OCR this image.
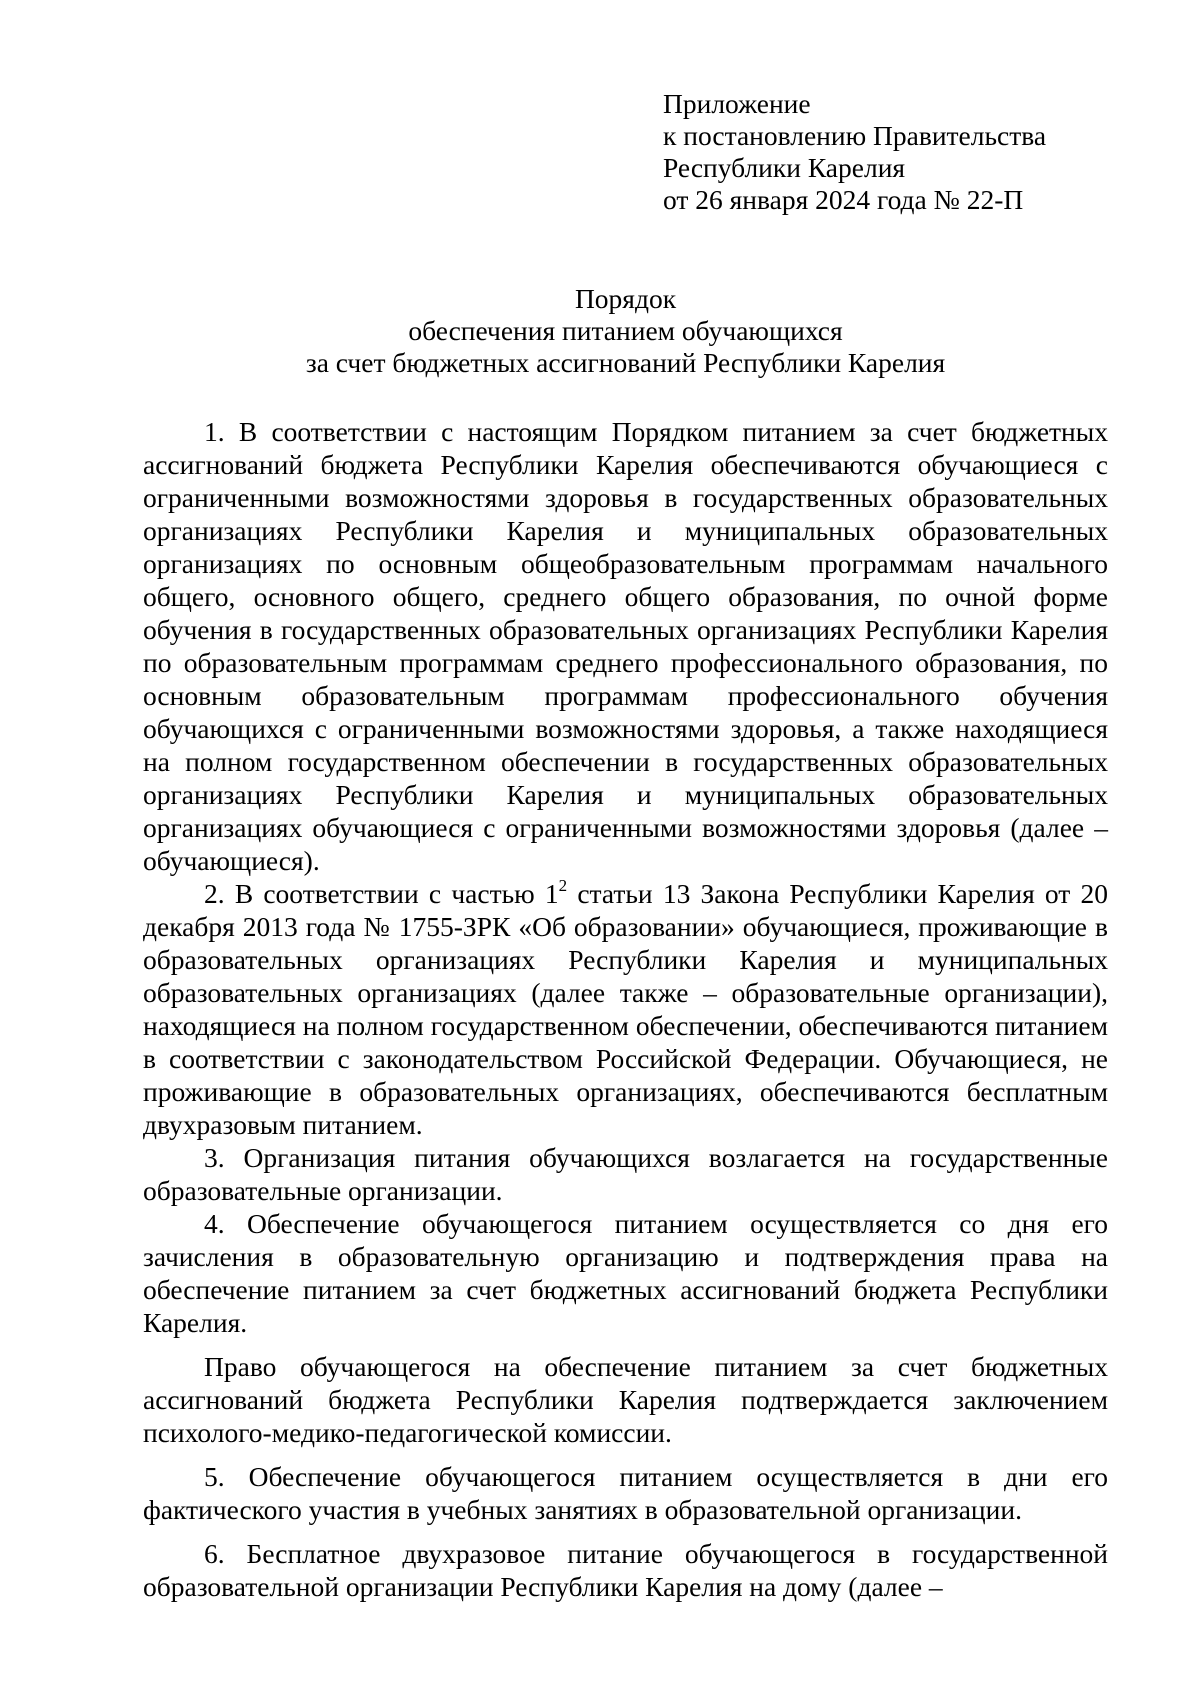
Приложение
к постановлению Правительства
Республики Карелия
от 26 января 2024 года № 22-П
Порядок
обеспечения питанием обучающихся
за счет бюджетных ассигнований Республики Карелия

1. В соответствии с настоящим Порядком питанием за счет бюджетных ассигнований бюджета Республики Карелия обеспечиваются обучающиеся с ограниченными возможностями здоровья в государственных образовательных организациях Республики Карелия и муниципальных образовательных организациях по основным общеобразовательным программам начального общего, основного общего, среднего общего образования, по очной форме обучения в государственных образовательных организациях Республики Карелия по образовательным программам среднего профессионального образования, по основным образовательным программам профессионального обучения обучающихся с ограниченными возможностями здоровья, а также находящиеся на полном государственном обеспечении в государственных образовательных организациях Республики Карелия и муниципальных образовательных организациях обучающиеся с ограниченными возможностями здоровья (далее – обучающиеся).

2. В соответствии с частью $1^2$ статьи 13 Закона Республики Карелия от 20 декабря 2013 года № 1755-ЗРК «Об образовании» обучающиеся, проживающие в образовательных организациях Республики Карелия и муниципальных образовательных организациях (далее также – образовательные организации), находящиеся на полном государственном обеспечении, обеспечиваются питанием в соответствии с законодательством Российской Федерации. Обучающиеся, не проживающие в образовательных организациях, обеспечиваются бесплатным двухразовым питанием.

3. Организация питания обучающихся возлагается на государственные образовательные организации.

4. Обеспечение обучающегося питанием осуществляется со дня его зачисления в образовательную организацию и подтверждения права на обеспечение питанием за счет бюджетных ассигнований бюджета Республики Карелия.

Право обучающегося на обеспечение питанием за счет бюджетных ассигнований бюджета Республики Карелия подтверждается заключением психолого-медико-педагогической комиссии.

5. Обеспечение обучающегося питанием осуществляется в дни его фактического участия в учебных занятиях в образовательной организации.

6. Бесплатное двухразовое питание обучающегося в государственной образовательной организации Республики Карелия на дому (далее –
